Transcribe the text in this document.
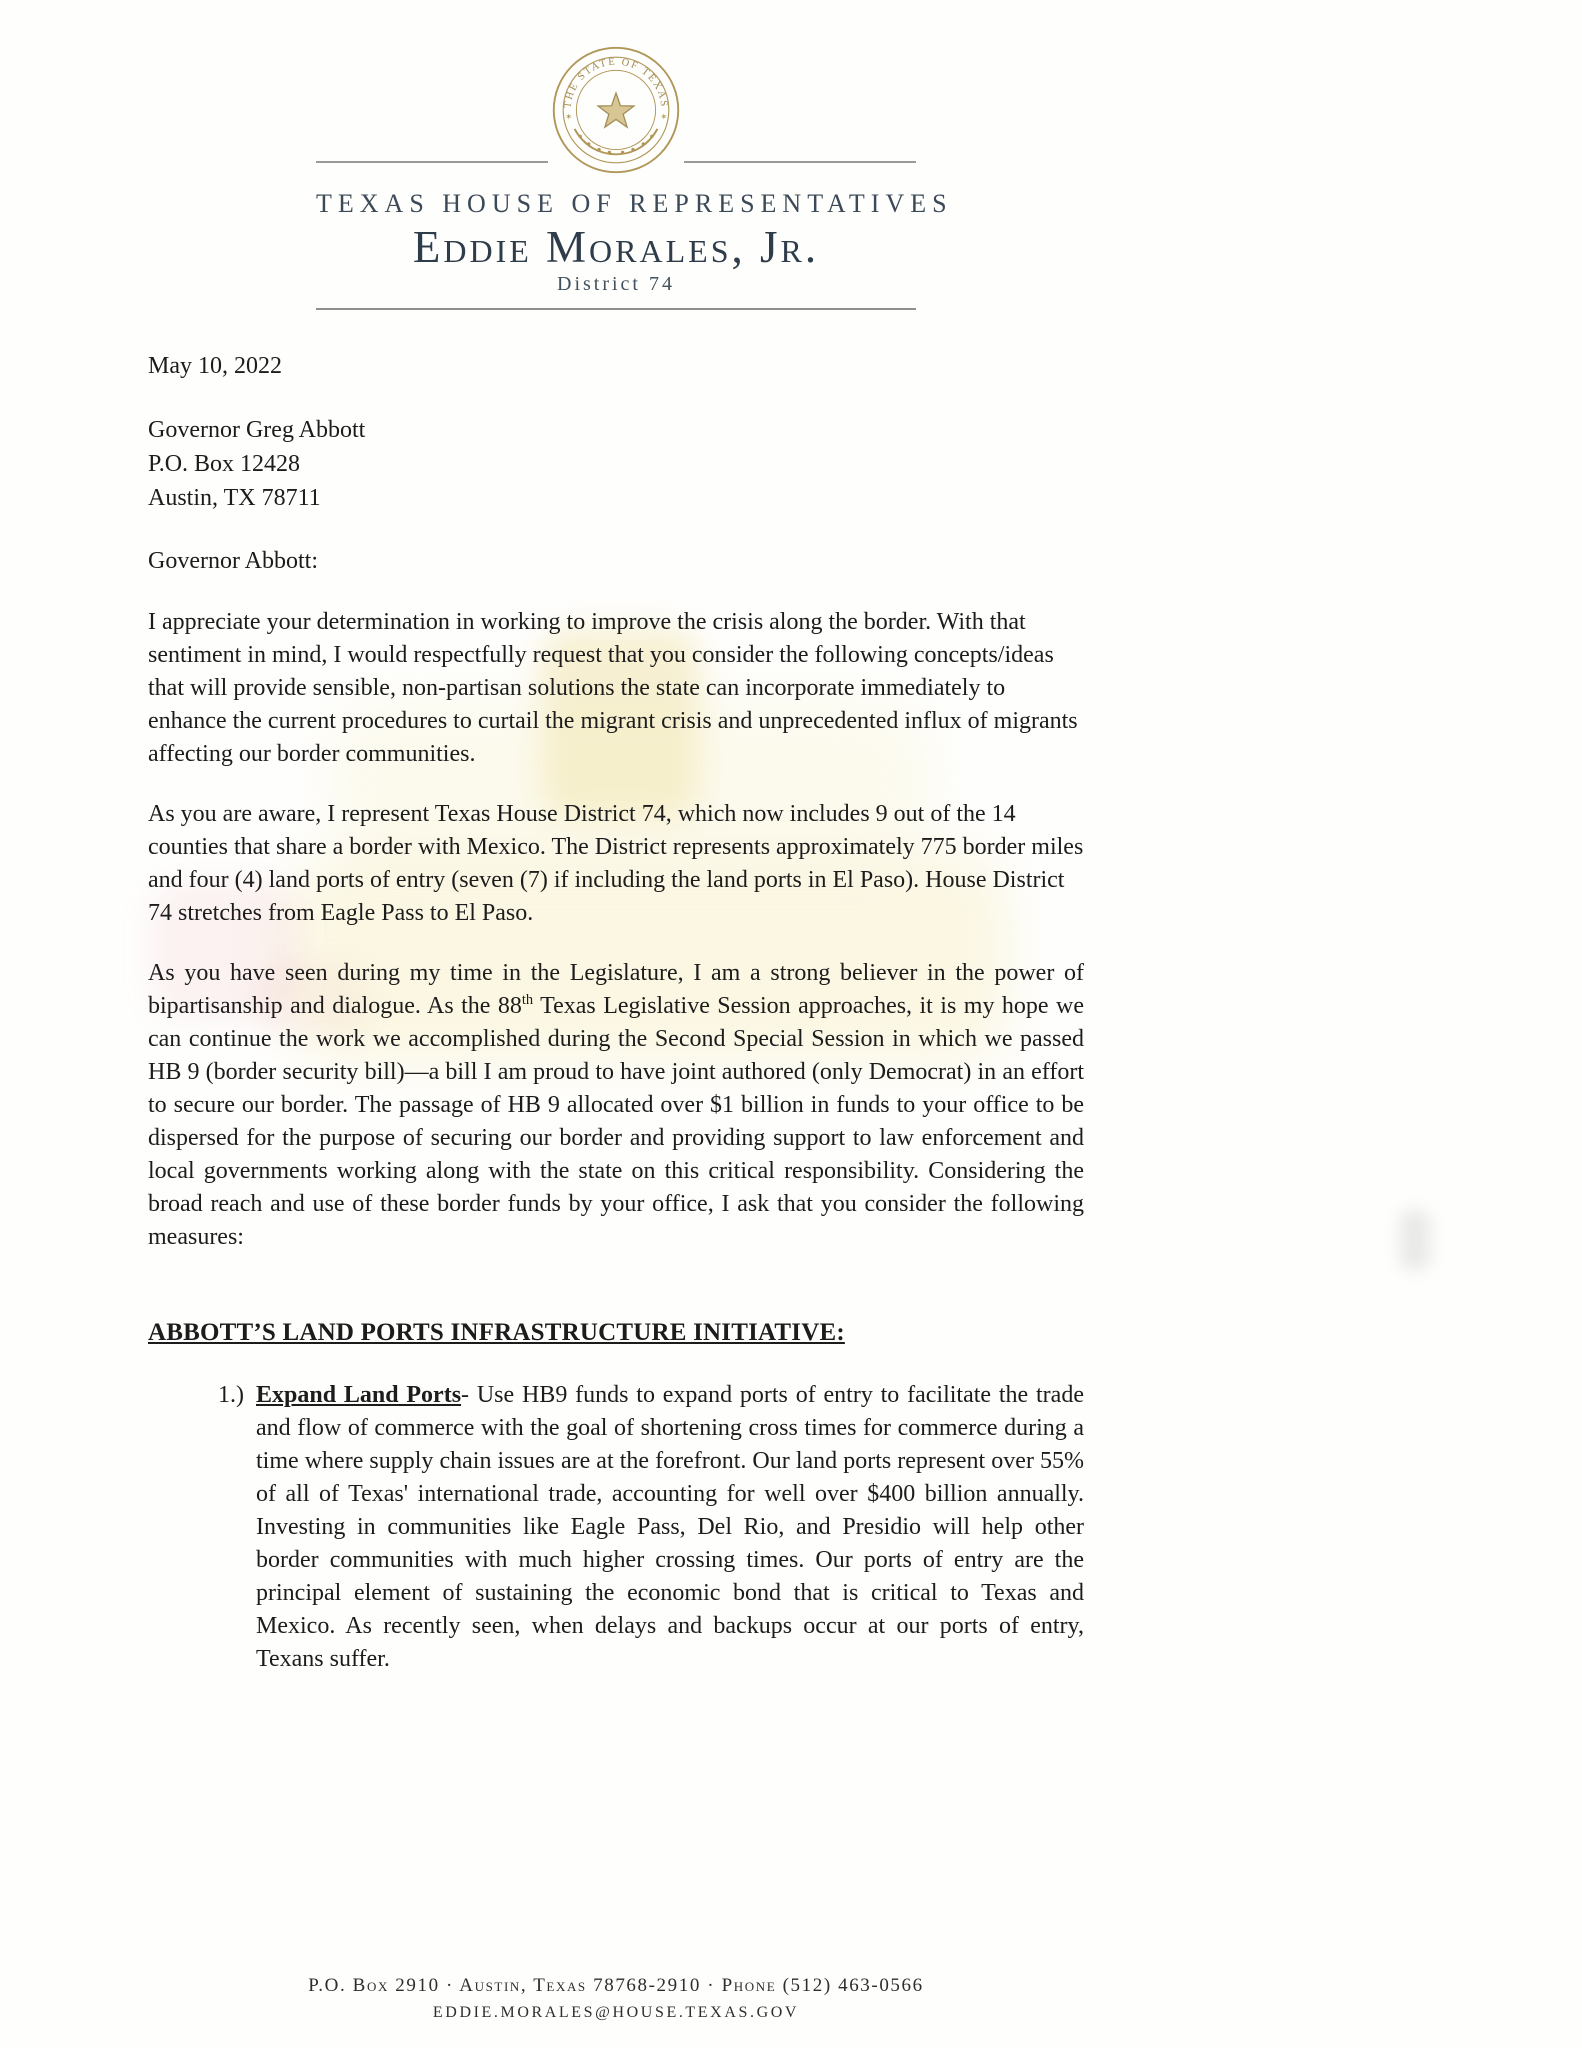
THE STATE OF TEXAS
✶	✶
TEXAS HOUSE OF REPRESENTATIVES
Eddie Morales, Jr.
District 74

May 10, 2022

Governor Greg Abbott

P.O. Box 12428

Austin, TX 78711

Governor Abbott:

I appreciate your determination in working to improve the crisis along the border. With that sentiment in mind, I would respectfully request that you consider the following concepts/ideas that will provide sensible, non-partisan solutions the state can incorporate immediately to enhance the current procedures to curtail the migrant crisis and unprecedented influx of migrants affecting our border communities.

As you are aware, I represent Texas House District 74, which now includes 9 out of the 14 counties that share a border with Mexico. The District represents approximately 775 border miles and four (4) land ports of entry (seven (7) if including the land ports in El Paso). House District 74 stretches from Eagle Pass to El Paso.

As you have seen during my time in the Legislature, I am a strong believer in the power of bipartisanship and dialogue. As the 88th Texas Legislative Session approaches, it is my hope we can continue the work we accomplished during the Second Special Session in which we passed HB 9 (border security bill)—a bill I am proud to have joint authored (only Democrat) in an effort to secure our border. The passage of HB 9 allocated over $1 billion in funds to your office to be dispersed for the purpose of securing our border and providing support to law enforcement and local governments working along with the state on this critical responsibility. Considering the broad reach and use of these border funds by your office, I ask that you consider the following measures:

ABBOTT’S LAND PORTS INFRASTRUCTURE INITIATIVE:
1.) Expand Land Ports- Use HB9 funds to expand ports of entry to facilitate the trade and flow of commerce with the goal of shortening cross times for commerce during a time where supply chain issues are at the forefront. Our land ports represent over 55% of all of Texas' international trade, accounting for well over $400 billion annually. Investing in communities like Eagle Pass, Del Rio, and Presidio will help other border communities with much higher crossing times. Our ports of entry are the principal element of sustaining the economic bond that is critical to Texas and Mexico. As recently seen, when delays and backups occur at our ports of entry, Texans suffer.

P.O. Box 2910 · Austin, Texas 78768-2910 · Phone (512) 463-0566

EDDIE.MORALES@HOUSE.TEXAS.GOV
